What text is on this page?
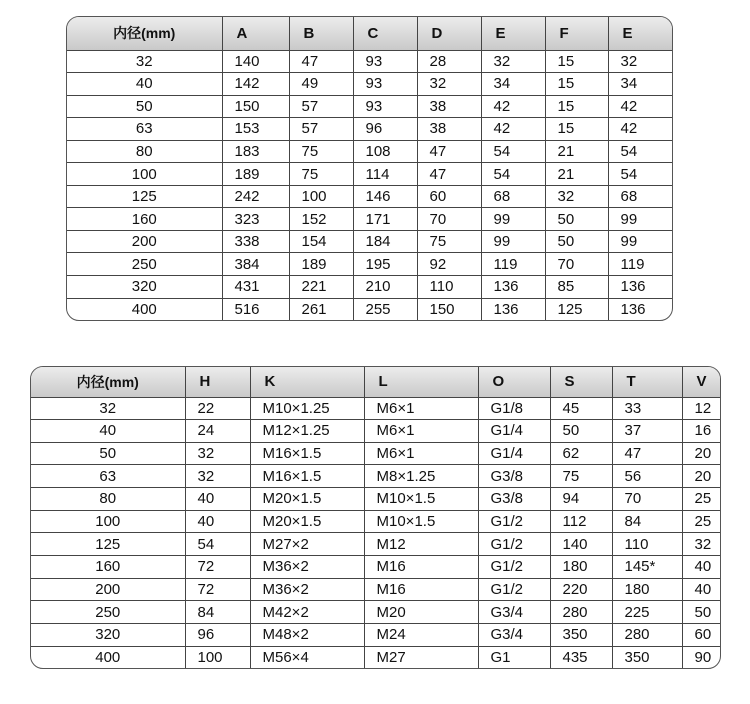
内径(mm)	A	B	C	D	E	F	E
32	140	47	93	28	32	15	32
40	142	49	93	32	34	15	34
50	150	57	93	38	42	15	42
63	153	57	96	38	42	15	42
80	183	75	108	47	54	21	54
100	189	75	114	47	54	21	54
125	242	100	146	60	68	32	68
160	323	152	171	70	99	50	99
200	338	154	184	75	99	50	99
250	384	189	195	92	119	70	119
320	431	221	210	110	136	85	136
400	516	261	255	150	136	125	136
内径(mm)	H	K	L	O	S	T	V
32	22	M10×1.25	M6×1	G1/8	45	33	12
40	24	M12×1.25	M6×1	G1/4	50	37	16
50	32	M16×1.5	M6×1	G1/4	62	47	20
63	32	M16×1.5	M8×1.25	G3/8	75	56	20
80	40	M20×1.5	M10×1.5	G3/8	94	70	25
100	40	M20×1.5	M10×1.5	G1/2	112	84	25
125	54	M27×2	M12	G1/2	140	110	32
160	72	M36×2	M16	G1/2	180	145*	40
200	72	M36×2	M16	G1/2	220	180	40
250	84	M42×2	M20	G3/4	280	225	50
320	96	M48×2	M24	G3/4	350	280	60
400	100	M56×4	M27	G1	435	350	90
